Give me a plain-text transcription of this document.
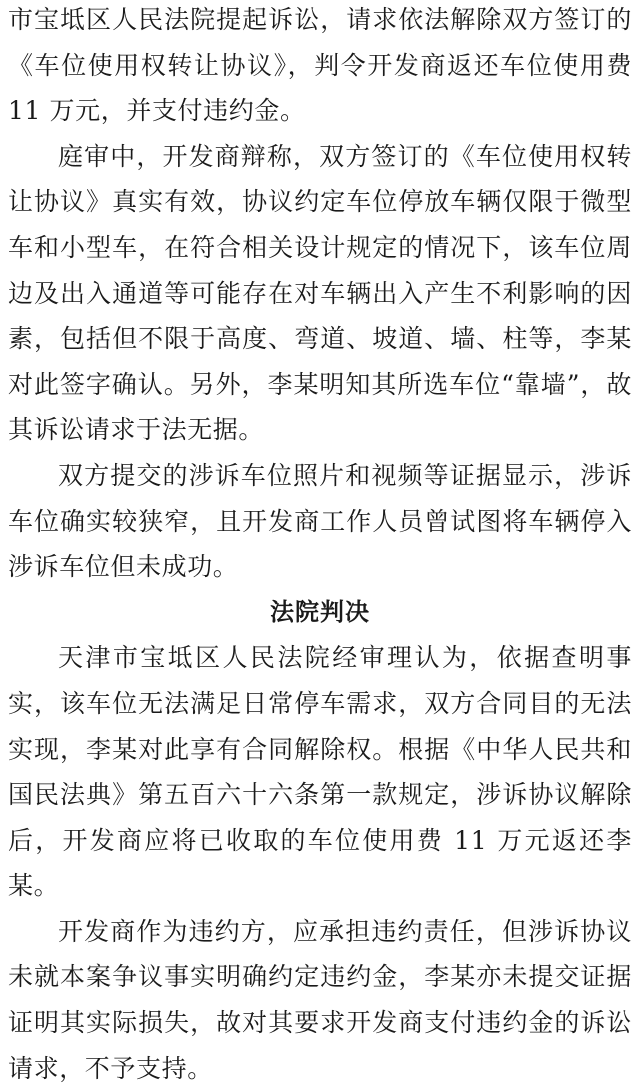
市宝坻区人民法院提起诉讼，请求依法解除双方签订的《车位使用权转让协议》，判令开发商返还车位使用费 11 万元，并支付违约金。

庭审中，开发商辩称，双方签订的《车位使用权转让协议》真实有效，协议约定车位停放车辆仅限于微型车和小型车，在符合相关设计规定的情况下，该车位周边及出入通道等可能存在对车辆出入产生不利影响的因素，包括但不限于高度、弯道、坡道、墙、柱等，李某对此签字确认。另外，李某明知其所选车位“靠墙”，故其诉讼请求于法无据。

双方提交的涉诉车位照片和视频等证据显示，涉诉车位确实较狭窄，且开发商工作人员曾试图将车辆停入涉诉车位但未成功。

法院判决

天津市宝坻区人民法院经审理认为，依据查明事实，该车位无法满足日常停车需求，双方合同目的无法实现，李某对此享有合同解除权。根据《中华人民共和国民法典》第五百六十六条第一款规定，涉诉协议解除后，开发商应将已收取的车位使用费 11 万元返还李某。

开发商作为违约方，应承担违约责任，但涉诉协议未就本案争议事实明确约定违约金，李某亦未提交证据证明其实际损失，故对其要求开发商支付违约金的诉讼请求，不予支持。
